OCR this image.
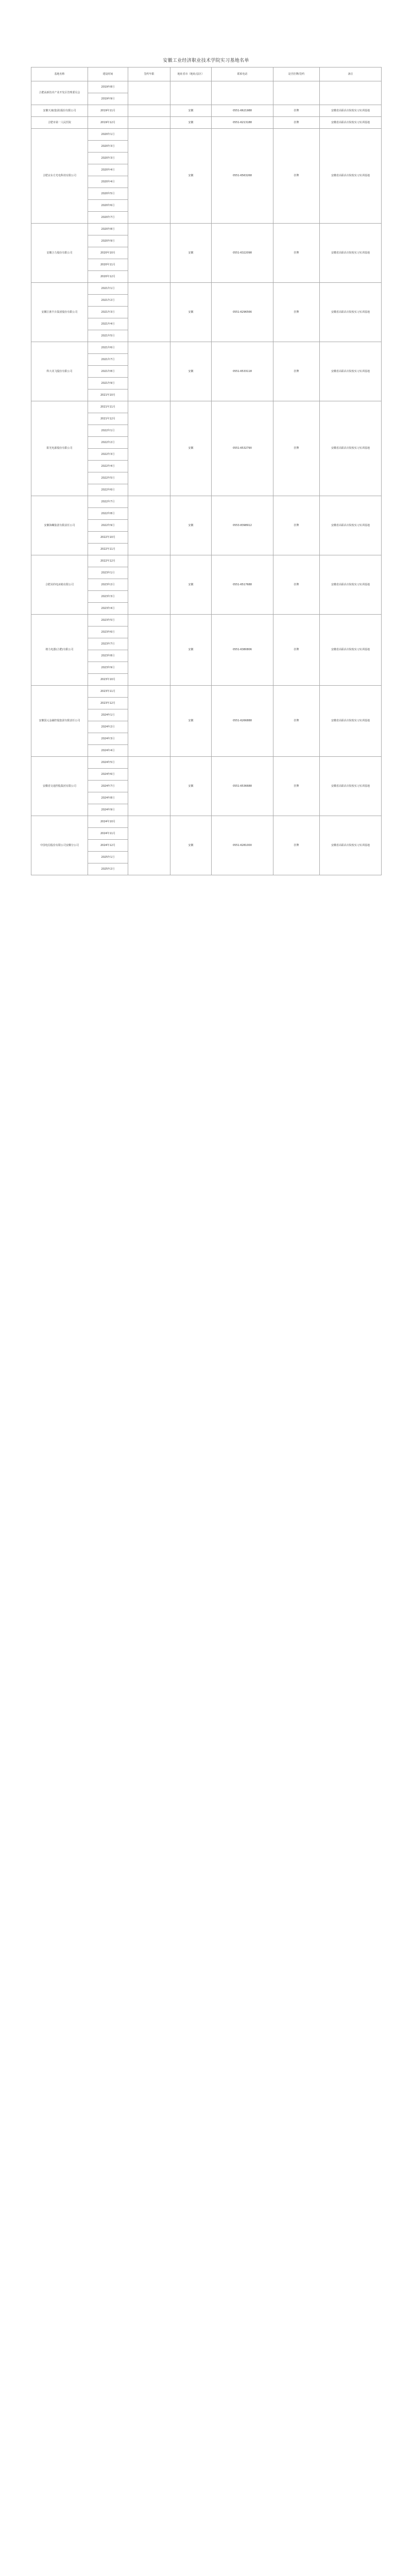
安徽工业经济职业技术学院实习基地名单
基地名称	建设时间	签约年限	地址省市（地址/县区）	联系电话	是否挂牌/签约	备注
合肥高新技术产业开发区管理委员会	2019年8月					
	2019年9月					
安徽天康(集团)股份有限公司	2019年11月		安徽	0551-6621988	挂牌	安徽省高职高专院校实习实训基地
合肥市第一人民医院	2019年12月		安徽	0551-6213188	挂牌	安徽省高职高专院校实习实训基地
合肥京东方光电科技有限公司	2020年1月		安徽	0551-6563268	挂牌	安徽省高职高专院校实习实训基地
	2020年3月					
	2020年3月					
	2020年4月					
	2020年4月					
	2020年5月					
	2020年6月					
	2020年7月					
安徽合力股份有限公司	2020年8月		安徽	0551-6322098	挂牌	安徽省高职高专院校实习实训基地
	2020年9月					
	2020年10月					
	2020年11月					
	2020年12月					
安徽江淮汽车集团股份有限公司	2021年1月		安徽	0551-6296566	挂牌	安徽省高职高专院校实习实训基地
	2021年2月					
	2021年3月					
	2021年4月					
	2021年5月					
科大讯飞股份有限公司	2021年6月		安徽	0551-6533118	挂牌	安徽省高职高专院校实习实训基地
	2021年7月					
	2021年8月					
	2021年9月					
	2021年10月					
阳光电源股份有限公司	2021年11月		安徽	0551-6532790	挂牌	安徽省高职高专院校实习实训基地
	2021年12月					
	2022年1月					
	2022年2月					
	2022年3月					
	2022年4月					
	2022年5月					
	2022年6月					
安徽海螺集团有限责任公司	2022年7月		安徽	0553-8398912	挂牌	安徽省高职高专院校实习实训基地
	2022年8月					
	2022年9月					
	2022年10月					
	2022年11月					
合肥美的电冰箱有限公司	2022年12月		安徽	0551-6517688	挂牌	安徽省高职高专院校实习实训基地
	2023年1月					
	2023年2月					
	2023年3月					
	2023年4月					
格力电器(合肥)有限公司	2023年5月		安徽	0551-6380806	挂牌	安徽省高职高专院校实习实训基地
	2023年6月					
	2023年7月					
	2023年8月					
	2023年9月					
	2023年10月					
安徽国元金融控股集团有限责任公司	2023年11月		安徽	0551-6266888	挂牌	安徽省高职高专院校实习实训基地
	2023年12月					
	2024年1月					
	2024年2月					
	2024年3月					
	2024年4月					
安徽省交通控股集团有限公司	2024年5月		安徽	0551-6536688	挂牌	安徽省高职高专院校实习实训基地
	2024年6月					
	2024年7月					
	2024年8月					
	2024年9月					
中国电信股份有限公司安徽分公司	2024年10月		安徽	0551-6281000	挂牌	安徽省高职高专院校实习实训基地
	2024年11月					
	2024年12月					
	2025年1月					
	2025年2月					
